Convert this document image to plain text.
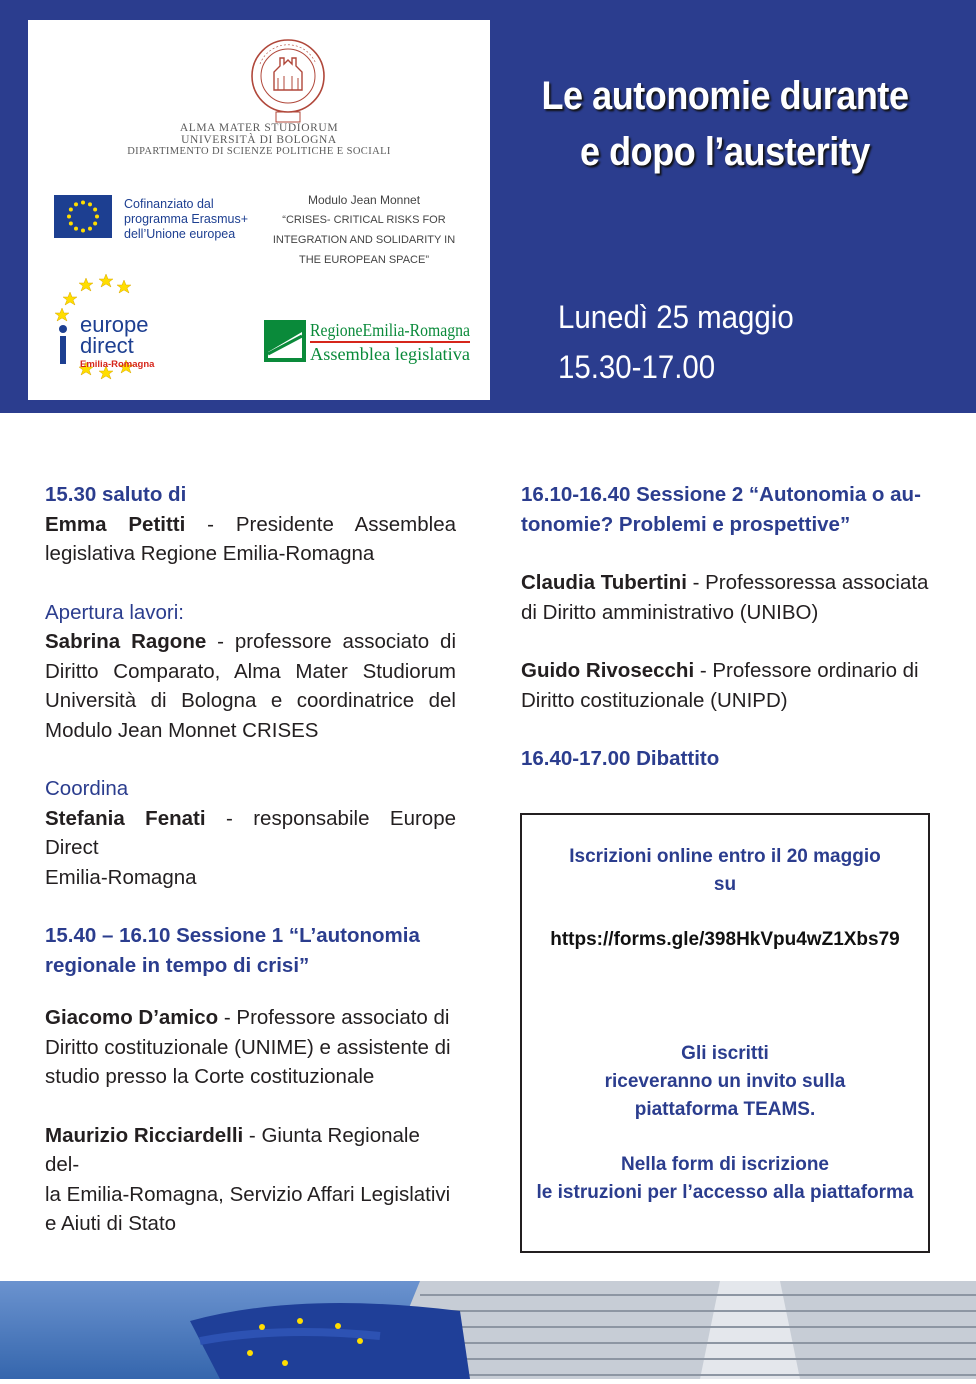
ALMA MATER STUDIORUM
UNIVERSITÀ DI BOLOGNA
DIPARTIMENTO DI SCIENZE POLITICHE E SOCIALI
Cofinanziato dal
programma Erasmus+
dell’Unione europea
Modulo Jean Monnet
“CRISES- CRITICAL RISKS FOR
INTEGRATION AND SOLIDARITY IN
THE EUROPEAN SPACE”
europe
direct
Emilia-Romagna
RegioneEmilia-Romagna
Assemblea legislativa
Le autonomie durante
e dopo l’austerity
Lunedì 25 maggio
15.30-17.00

15.30 saluto di

Emma Petitti - Presidente Assemblea

legislativa Regione Emilia-Romagna

Apertura lavori:

Sabrina Ragone - professore associato di

Diritto Comparato, Alma Mater Studiorum

Università di Bologna e coordinatrice del

Modulo Jean Monnet CRISES

Coordina

Stefania Fenati - responsabile Europe Direct

Emilia-Romagna

15.40 – 16.10 Sessione 1 “L’autonomia

regionale in tempo di crisi”

Giacomo D’amico - Professore associato di

Diritto costituzionale (UNIME) e assistente di

studio presso la Corte costituzionale

Maurizio Ricciardelli - Giunta Regionale del-

la Emilia-Romagna, Servizio Affari Legislativi

e Aiuti di Stato

16.10-16.40 Sessione 2 “Autonomia o au-

tonomie? Problemi e prospettive”

Claudia Tubertini - Professoressa associata

di Diritto amministrativo (UNIBO)

Guido Rivosecchi - Professore ordinario di

Diritto costituzionale (UNIPD)

16.40-17.00 Dibattito

Iscrizioni online entro il 20 maggio
su
https://forms.gle/398HkVpu4wZ1Xbs79
Gli iscritti
riceveranno un invito sulla
piattaforma TEAMS.
Nella form di iscrizione
le istruzioni per l’accesso alla piattaforma
